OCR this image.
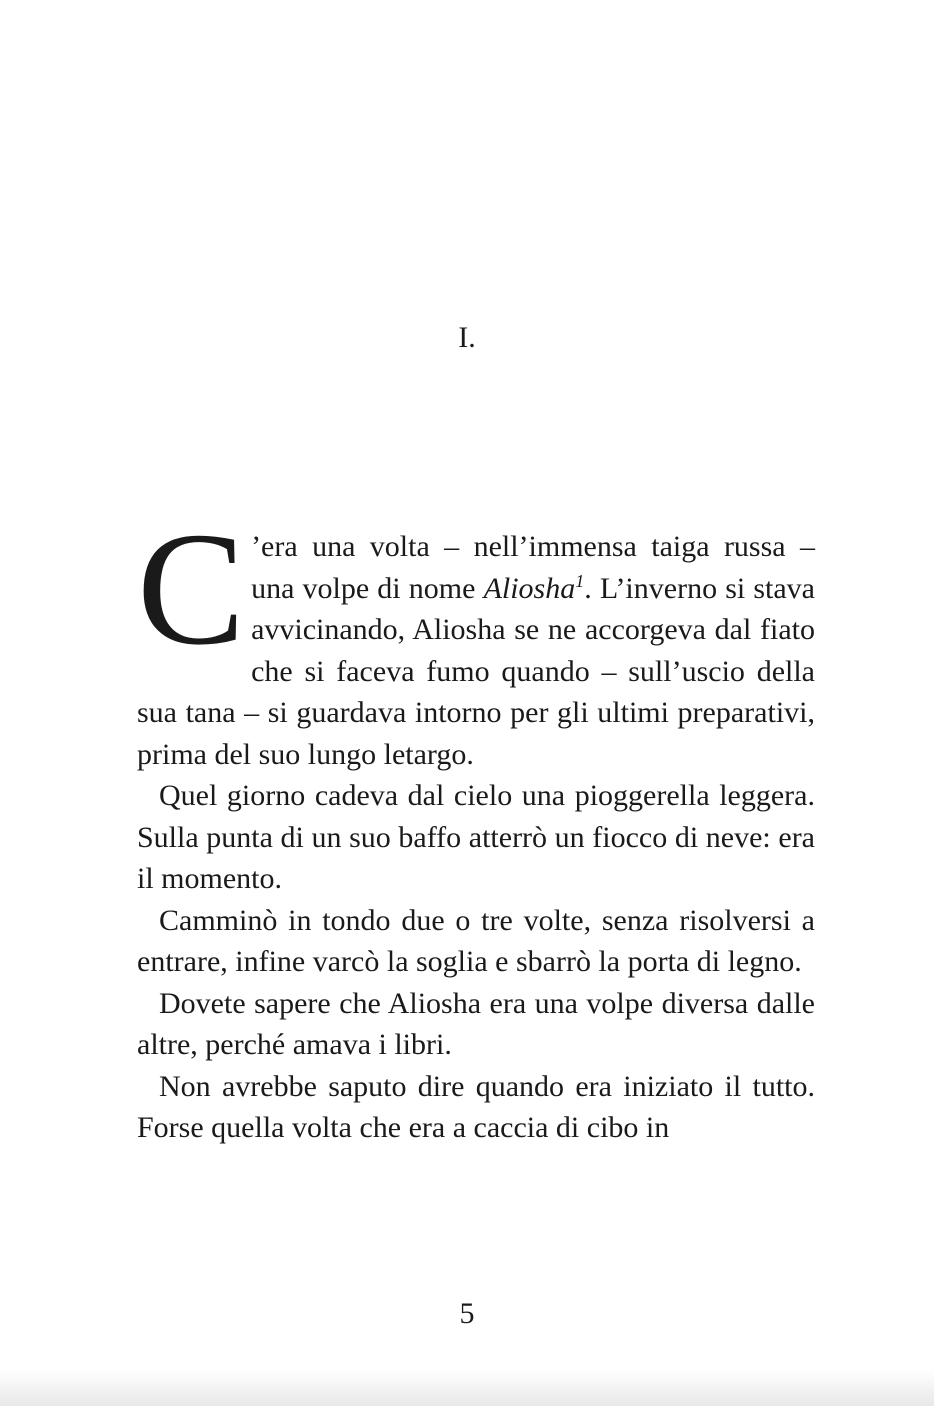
I.

C ’era una volta – nell’immensa taiga russa – una volpe di nome Aliosha$^1$. L’inverno si stava avvicinando, Aliosha se ne accorgeva dal fiato che si faceva fumo quando – sull’uscio della sua tana – si guardava intorno per gli ultimi preparativi, prima del suo lungo letargo.

Quel giorno cadeva dal cielo una pioggerella leggera. Sulla punta di un suo baffo atterrò un fiocco di neve: era il momento.

Camminò in tondo due o tre volte, senza risolversi a entrare, infine varcò la soglia e sbarrò la porta di legno.

Dovete sapere che Aliosha era una volpe diversa dalle altre, perché amava i libri.

Non avrebbe saputo dire quando era iniziato il tutto. Forse quella volta che era a caccia di cibo in

5
